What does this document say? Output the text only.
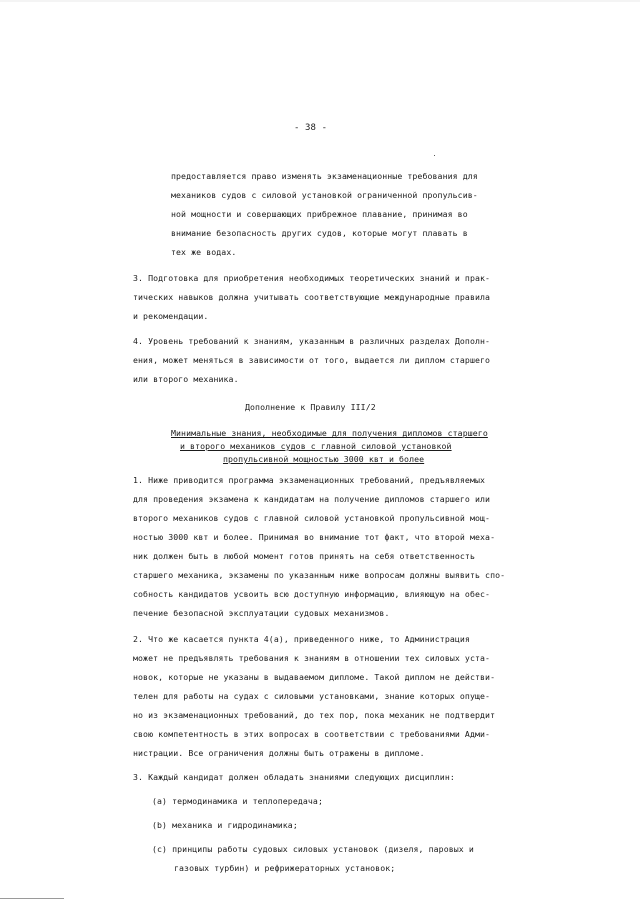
- 38 -
предоставляется право изменять экзаменационные требования для
механиков судов с силовой установкой ограниченной пропульсив-
ной мощности и совершающих прибрежное плавание, принимая во
внимание безопасность других судов, которые могут плавать в
тех же водах.
3. Подготовка для приобретения необходимых теоретических знаний и прак-
тических навыков должна учитывать соответствующие международные правила
и рекомендации.
4. Уровень требований к знаниям, указанным в различных разделах Дополн-
ения, может меняться в зависимости от того, выдается ли диплом старшего
или второго механика.
Дополнение к Правилу III/2
Минимальные знания, необходимые для получения дипломов старшего
и второго механиков судов с главной силовой установкой
пропульсивной мощностью 3000 квт и более
1. Ниже приводится программа экзаменационных требований, предъявляемых
для проведения экзамена к кандидатам на получение дипломов старшего или
второго механиков судов с главной силовой установкой пропульсивной мощ-
ностью 3000 квт и более. Принимая во внимание тот факт, что второй меха-
ник должен быть в любой момент готов принять на себя ответственность
старшего механика, экзамены по указанным ниже вопросам должны выявить спо-
собность кандидатов усвоить всю доступную информацию, влияющую на обес-
печение безопасной эксплуатации судовых механизмов.
2. Что же касается пункта 4(а), приведенного ниже, то Администрация
может не предъявлять требования к знаниям в отношении тех силовых уста-
новок, которые не указаны в выдаваемом дипломе. Такой диплом не действи-
телен для работы на судах с силовыми установками, знание которых опуще-
но из экзаменационных требований, до тех пор, пока механик не подтвердит
свою компетентность в этих вопросах в соответствии с требованиями Адми-
нистрации. Все ограничения должны быть отражены в дипломе.
3. Каждый кандидат должен обладать знаниями следующих дисциплин:
(а) термодинамика и теплопередача;
(b) механика и гидродинамика;
(с) принципы работы судовых силовых установок (дизеля, паровых и
газовых турбин) и рефрижераторных установок;
